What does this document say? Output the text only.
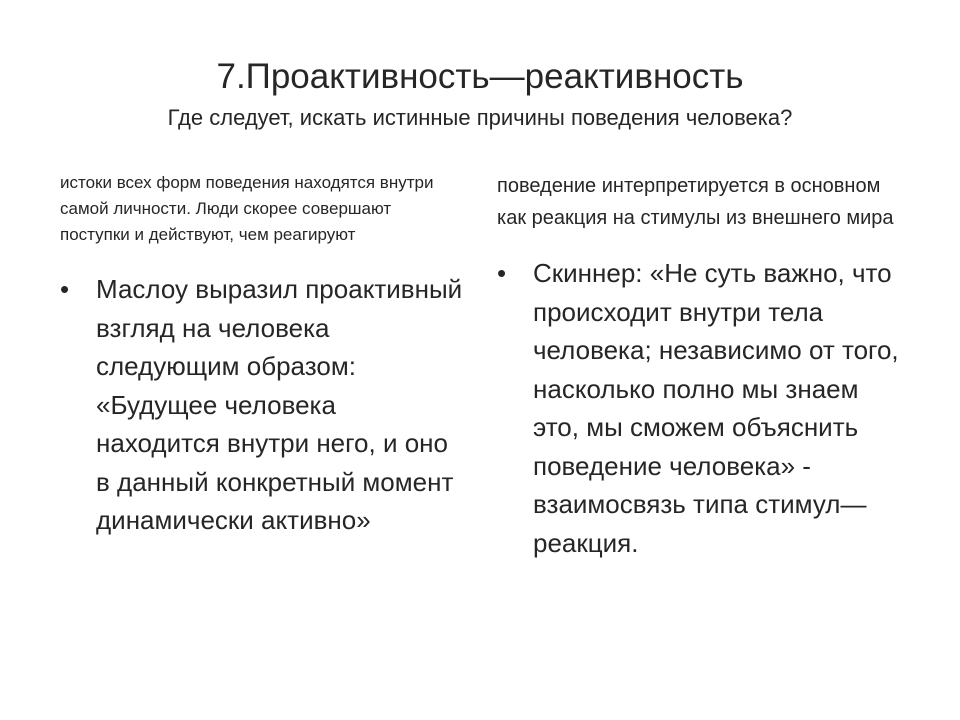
7.Проактивность—реактивность
Где следует, искать истинные причины поведения человека?

истоки всех форм поведения находятся внутри самой личности. Люди скорее совершают поступки и действуют, чем реагируют

•	Маслоу выразил проактивный взгляд на человека следующим образом: «Будущее человека находится внутри него, и оно в данный конкретный момент динамически активно»

поведение интерпретируется в основном как реакция на стимулы из внешнего мира

•	Скиннер: «Не суть важно, что происходит внутри тела человека; независимо от того, насколько полно мы знаем это, мы сможем объяснить поведение человека» - взаимосвязь типа стимул—реакция.
